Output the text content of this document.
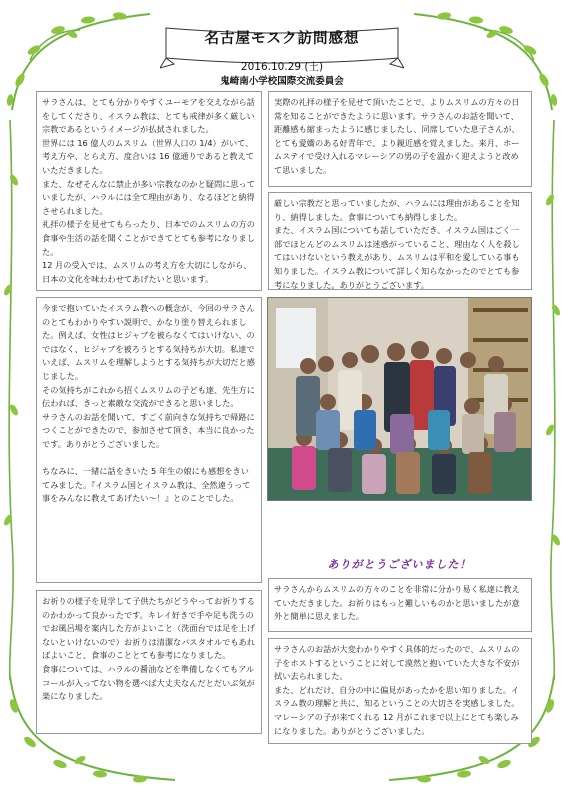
名古屋モスク訪問感想
2016.10.29 (土)
鬼崎南小学校国際交流委員会

サラさんは、とても分かりやすくユーモアを交えながら話をしてくださり、イスラム教は、とても戒律が多く厳しい宗教であるというイメージが払拭されました。

世界には 16 億人のムスリム（世界人口の 1/4）がいて、考え方や、とらえ方、度合いは 16 億通りであると教えていただきました。

また、なぜそんなに禁止が多い宗教なのかと疑問に思っていましたが、ハラルには全て理由があり、なるほどと納得させられました。

礼拝の様子を見せてもらったり、日本でのムスリムの方の食事や生活の話を聞くことができてとても参考になりました。

12 月の受入では、ムスリムの考え方を大切にしながら、日本の文化を味わわせてあげたいと思います。

実際の礼拝の様子を見せて頂いたことで、よりムスリムの方々の日常を知ることができたように思います。サラさんのお話を聞いて、距離感も縮まったように感じましたし、同席していた息子さんが、とても愛嬌のある好青年で、より親近感を覚えました。来月、ホームステイで受け入れるマレーシアの男の子を温かく迎えようと改めて思いました。

厳しい宗教だと思っていましたが、ハラムには理由があることを知り、納得しました。食事についても納得しました。

また、イスラム国についても話していただき、イスラム国はごく一部でほとんどのムスリムは迷惑がっていること、理由なく人を殺してはいけないという教えがあり、ムスリムは平和を愛している事も知りました。イスラム教について詳しく知らなかったのでとても参考になりました。ありがとうございます。

今まで抱いていたイスラム教への概念が、今回のサラさんのとてもわかりやすい説明で、かなり塗り替えられました。例えば、女性はヒジャブを被らなくてはいけない、のではなく、ヒジャブを被ろうとする気持ちが大切。私達でいえば、ムスリムを理解しようとする気持ちが大切だと感じました。

その気持ちがこれから招くムスリムの子ども達、先生方に伝われば、きっと素敵な交流ができると思いました。

サラさんのお話を聞いて、すごく前向きな気持ちで帰路につくことができたので、参加させて頂き、本当に良かったです。ありがとうございました。

ちなみに、一緒に話をきいた 5 年生の娘にも感想をきいてみました。『イスラム国とイスラム教は、全然違うって事をみんなに教えてあげたい～！』とのことでした。

ありがとうございました！

お祈りの様子を見学して子供たちがどうやってお祈りするのかわかって良かったです。キレイ好きで手や足も洗うのでお風呂場を案内した方がよいこと（洗面台では足を上げないといけないので）お祈りは清潔なバスタオルでもあればよいこと、食事のこととても参考になりました。

食事については、ハラルの醤油などを準備しなくてもアルコールが入ってない物を選べば大丈夫なんだとだいぶ気が楽になりました。

サラさんからムスリムの方々のことを非常に分かり易く私達に教えていただきました。お祈りはもっと難しいものかと思いましたが意外と簡単に思えました。

サラさんのお話が大変わかりやすく具体的だったので、ムスリムの子をホストするということに対して漠然と抱いていた大きな不安が拭い去られました。

また、どれだけ、自分の中に偏見があったかを思い知りました。イスラム教の理解と共に、知るということの大切さを実感しました。

マレーシアの子が来てくれる 12 月がこれまで以上にとても楽しみになりました。ありがとうございました。
